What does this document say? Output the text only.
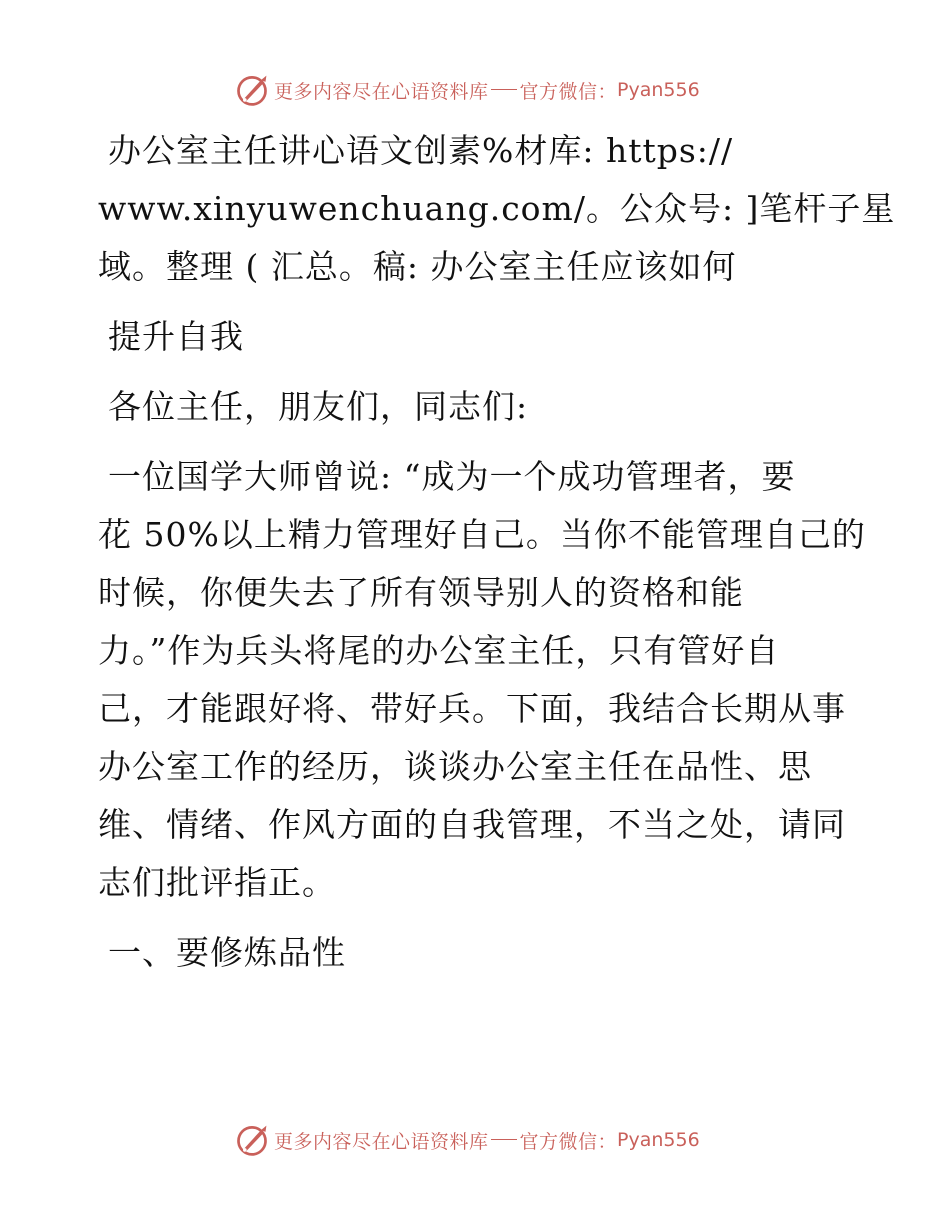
更多内容尽在心语资料库 官方微信： Pyan556
办公室主任讲心语文创素%材库: https://
www.xinyuwenchuang.com/。公众号: ]笔杆子星
域。整理 ( 汇总。稿: 办公室主任应该如何
提升自我
各位主任，朋友们，同志们:
一位国学大师曾说: “成为一个成功管理者，要
花 50%以上精力管理好自己。当你不能管理自己的
时候，你便失去了所有领导别人的资格和能
力。”作为兵头将尾的办公室主任，只有管好自
己，才能跟好将、带好兵。下面，我结合长期从事
办公室工作的经历，谈谈办公室主任在品性、思
维、情绪、作风方面的自我管理，不当之处，请同
志们批评指正。
一、要修炼品性
更多内容尽在心语资料库 官方微信： Pyan556
